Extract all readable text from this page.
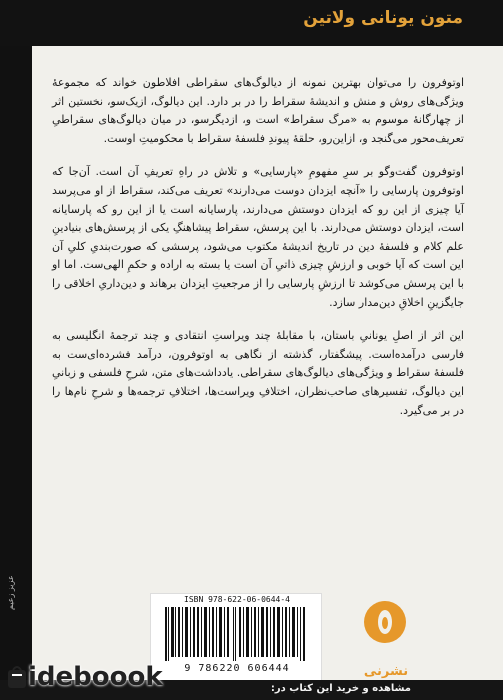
متون یونانی ولاتین
عزیز زعیم

اوتوفرون را می‌توان بهترین نمونه از دیالوگ‌های سقراطی افلاطون خواند که مجموعهٔ ویژگی‌های روش و منش و اندیشهٔ سقراط را در بر دارد. این دیالوگ، ازیک‌سو، نخستین اثر از چهارگانهٔ موسوم به «مرگ سقراط» است و، ازدیگرسو، در میان دیالوگ‌های سقراطیِ تعریف‌محور می‌گنجد و، ازاین‌رو، حلقهٔ پیوندِ فلسفهٔ سقراط با محکومیتِ اوست.

اوتوفرون گفت‌وگو بر سرِ مفهومِ «پارسایی» و تلاش در راهِ تعریفِ آن است. آن‌جا که اوتوفرون پارسایی را «آنچه ایزدان دوست می‌دارند» تعریف می‌کند، سقراط از او می‌پرسد آیا چیزی از این رو که ایزدان دوستش می‌دارند، پارسایانه است یا از این رو که پارسایانه است، ایزدان دوستش می‌دارند. با این پرسش، سقراط پیشاهنگِ یکی از پرسش‌های بنیادینِ علم کلام و فلسفهٔ دین در تاریخ اندیشهٔ مکتوب می‌شود، پرسشی که صورت‌بندیِ کلیِ آن این است که آیا خوبی و ارزشِ چیزی ذاتیِ آن است یا بسته به اراده و حکمِ الهی‌ست. اما او با این پرسش می‌کوشد تا ارزشِ پارسایی را از مرجعیتِ ایزدان برهاند و دین‌داریِ اخلاقی را جایگزینِ اخلاقِ دین‌مدار سازد.

این اثر از اصلِ یونانیِ باستان، با مقابلهٔ چند ویراستِ انتقادی و چند ترجمهٔ انگلیسی به فارسی درآمده‌است. پیشگفتار، گذشته از نگاهی به اوتوفرون، درآمد فشرده‌ای‌ست به فلسفهٔ سقراط و ویژگی‌های دیالوگ‌های سقراطی. یادداشت‌های متن، شرحِ فلسفی و زبانیِ این دیالوگ، تفسیرهای صاحب‌نظران، اختلافِ ویراست‌ها، اختلافِ ترجمه‌ها و شرحِ نام‌ها را در بر می‌گیرد.

ISBN 978-622-06-0644-4
9 786220 606444	نشرنی
مشاهده و خرید این کتاب در:
ideboook
